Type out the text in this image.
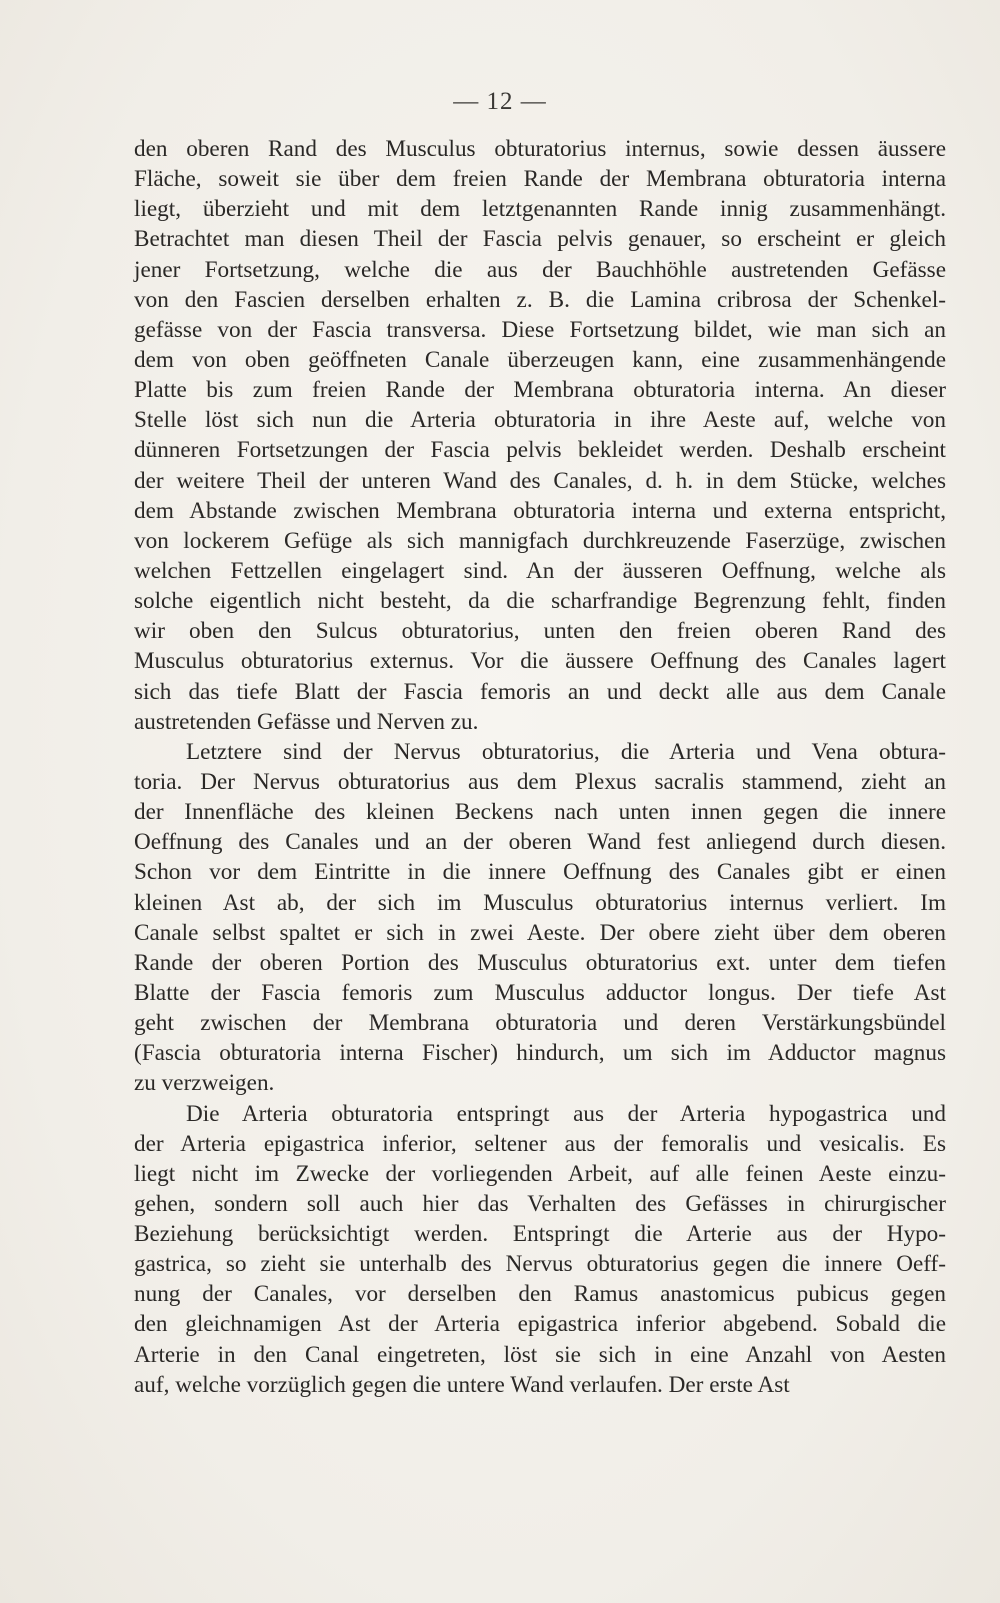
— 12 —
den oberen Rand des Musculus obturatorius internus, sowie dessen äussere
Fläche, soweit sie über dem freien Rande der Membrana obturatoria interna
liegt, überzieht und mit dem letztgenannten Rande innig zusammenhängt.
Betrachtet man diesen Theil der Fascia pelvis genauer, so erscheint er gleich
jener Fortsetzung, welche die aus der Bauchhöhle austretenden Gefässe
von den Fascien derselben erhalten z. B. die Lamina cribrosa der Schenkel-
gefässe von der Fascia transversa. Diese Fortsetzung bildet, wie man sich an
dem von oben geöffneten Canale überzeugen kann, eine zusammenhängende
Platte bis zum freien Rande der Membrana obturatoria interna. An dieser
Stelle löst sich nun die Arteria obturatoria in ihre Aeste auf, welche von
dünneren Fortsetzungen der Fascia pelvis bekleidet werden. Deshalb erscheint
der weitere Theil der unteren Wand des Canales, d. h. in dem Stücke, welches
dem Abstande zwischen Membrana obturatoria interna und externa entspricht,
von lockerem Gefüge als sich mannigfach durchkreuzende Faserzüge, zwischen
welchen Fettzellen eingelagert sind. An der äusseren Oeffnung, welche als
solche eigentlich nicht besteht, da die scharfrandige Begrenzung fehlt, finden
wir oben den Sulcus obturatorius, unten den freien oberen Rand des
Musculus obturatorius externus. Vor die äussere Oeffnung des Canales lagert
sich das tiefe Blatt der Fascia femoris an und deckt alle aus dem Canale
austretenden Gefässe und Nerven zu.
Letztere sind der Nervus obturatorius, die Arteria und Vena obtura-
toria. Der Nervus obturatorius aus dem Plexus sacralis stammend, zieht an
der Innenfläche des kleinen Beckens nach unten innen gegen die innere
Oeffnung des Canales und an der oberen Wand fest anliegend durch diesen.
Schon vor dem Eintritte in die innere Oeffnung des Canales gibt er einen
kleinen Ast ab, der sich im Musculus obturatorius internus verliert. Im
Canale selbst spaltet er sich in zwei Aeste. Der obere zieht über dem oberen
Rande der oberen Portion des Musculus obturatorius ext. unter dem tiefen
Blatte der Fascia femoris zum Musculus adductor longus. Der tiefe Ast
geht zwischen der Membrana obturatoria und deren Verstärkungsbündel
(Fascia obturatoria interna Fischer) hindurch, um sich im Adductor magnus
zu verzweigen.
Die Arteria obturatoria entspringt aus der Arteria hypogastrica und
der Arteria epigastrica inferior, seltener aus der femoralis und vesicalis. Es
liegt nicht im Zwecke der vorliegenden Arbeit, auf alle feinen Aeste einzu-
gehen, sondern soll auch hier das Verhalten des Gefässes in chirurgischer
Beziehung berücksichtigt werden. Entspringt die Arterie aus der Hypo-
gastrica, so zieht sie unterhalb des Nervus obturatorius gegen die innere Oeff-
nung der Canales, vor derselben den Ramus anastomicus pubicus gegen
den gleichnamigen Ast der Arteria epigastrica inferior abgebend. Sobald die
Arterie in den Canal eingetreten, löst sie sich in eine Anzahl von Aesten
auf, welche vorzüglich gegen die untere Wand verlaufen. Der erste Ast
